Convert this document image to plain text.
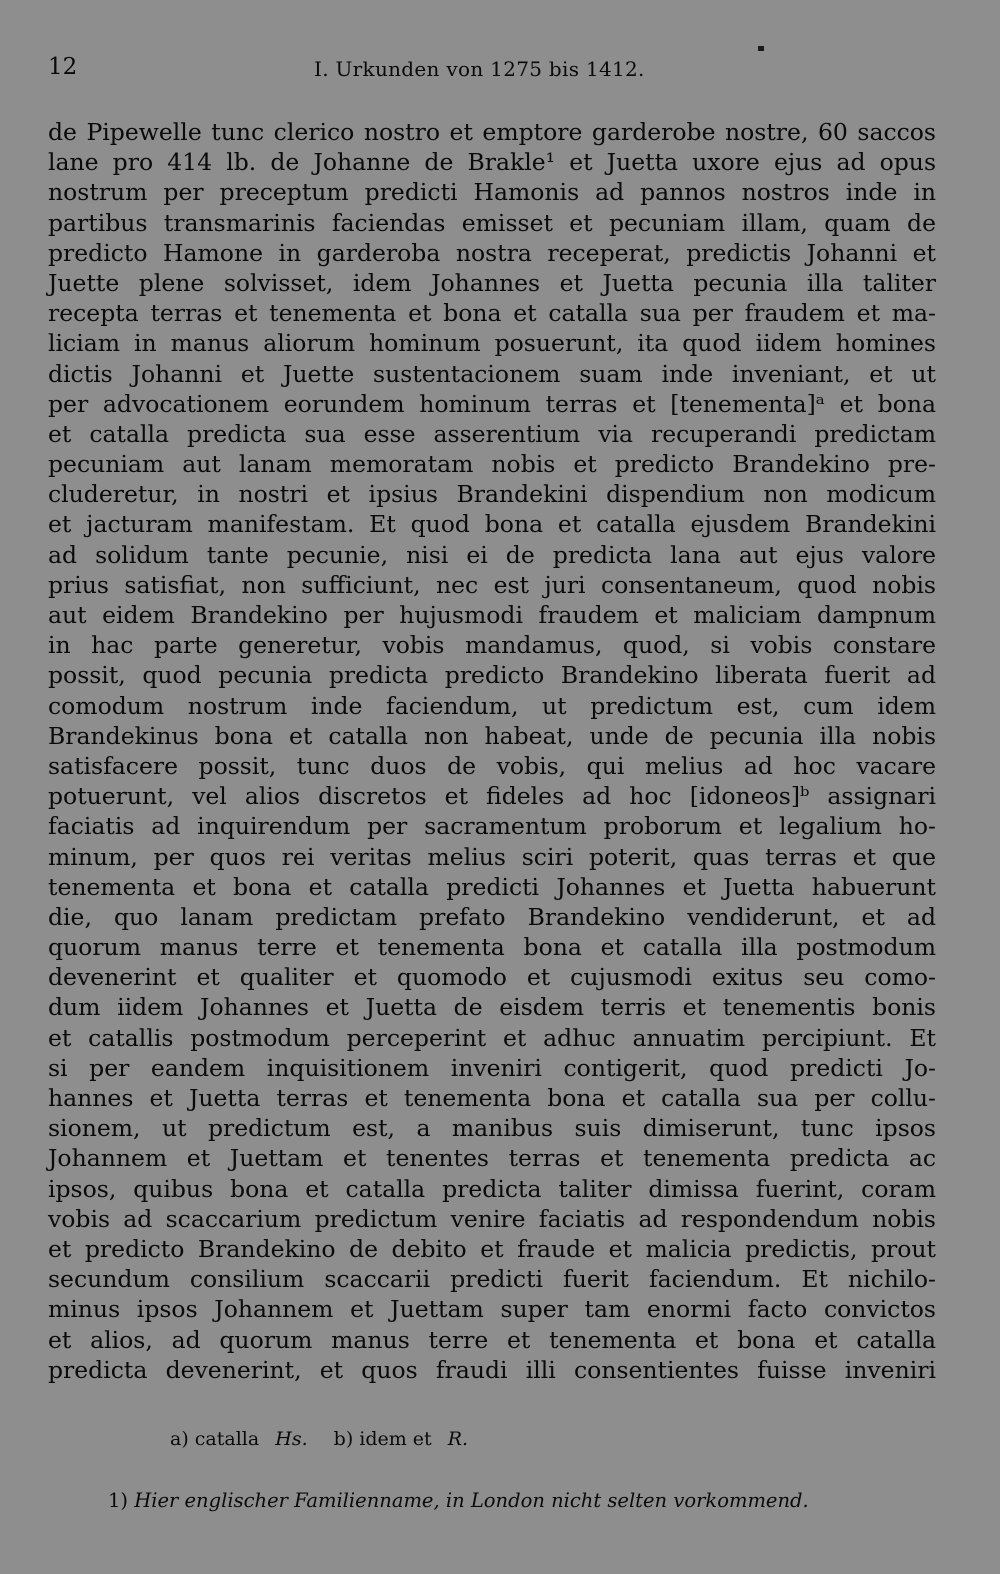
12	I. Urkunden von 1275 bis 1412.
de Pipewelle tunc clerico nostro et emptore garderobe nostre, 60 saccos
lane pro 414 lb. de Johanne de Brakle¹ et Juetta uxore ejus ad opus
nostrum per preceptum predicti Hamonis ad pannos nostros inde in
partibus transmarinis faciendas emisset et pecuniam illam, quam de
predicto Hamone in garderoba nostra receperat, predictis Johanni et
Juette plene solvisset, idem Johannes et Juetta pecunia illa taliter
recepta terras et tenementa et bona et catalla sua per fraudem et ma-
liciam in manus aliorum hominum posuerunt, ita quod iidem homines
dictis Johanni et Juette sustentacionem suam inde inveniant, et ut
per advocationem eorundem hominum terras et [tenementa]ᵃ et bona
et catalla predicta sua esse asserentium via recuperandi predictam
pecuniam aut lanam memoratam nobis et predicto Brandekino pre-
cluderetur, in nostri et ipsius Brandekini dispendium non modicum
et jacturam manifestam. Et quod bona et catalla ejusdem Brandekini
ad solidum tante pecunie, nisi ei de predicta lana aut ejus valore
prius satisfiat, non sufficiunt, nec est juri consentaneum, quod nobis
aut eidem Brandekino per hujusmodi fraudem et maliciam dampnum
in hac parte generetur, vobis mandamus, quod, si vobis constare
possit, quod pecunia predicta predicto Brandekino liberata fuerit ad
comodum nostrum inde faciendum, ut predictum est, cum idem
Brandekinus bona et catalla non habeat, unde de pecunia illa nobis
satisfacere possit, tunc duos de vobis, qui melius ad hoc vacare
potuerunt, vel alios discretos et fideles ad hoc [idoneos]ᵇ assignari
faciatis ad inquirendum per sacramentum proborum et legalium ho-
minum, per quos rei veritas melius sciri poterit, quas terras et que
tenementa et bona et catalla predicti Johannes et Juetta habuerunt
die, quo lanam predictam prefato Brandekino vendiderunt, et ad
quorum manus terre et tenementa bona et catalla illa postmodum
devenerint et qualiter et quomodo et cujusmodi exitus seu como-
dum iidem Johannes et Juetta de eisdem terris et tenementis bonis
et catallis postmodum perceperint et adhuc annuatim percipiunt. Et
si per eandem inquisitionem inveniri contigerit, quod predicti Jo-
hannes et Juetta terras et tenementa bona et catalla sua per collu-
sionem, ut predictum est, a manibus suis dimiserunt, tunc ipsos
Johannem et Juettam et tenentes terras et tenementa predicta ac
ipsos, quibus bona et catalla predicta taliter dimissa fuerint, coram
vobis ad scaccarium predictum venire faciatis ad respondendum nobis
et predicto Brandekino de debito et fraude et malicia predictis, prout
secundum consilium scaccarii predicti fuerit faciendum. Et nichilo-
minus ipsos Johannem et Juettam super tam enormi facto convictos
et alios, ad quorum manus terre et tenementa et bona et catalla
predicta devenerint, et quos fraudi illi consentientes fuisse inveniri
a) catalla Hs. b) idem et R.
1) Hier englischer Familienname, in London nicht selten vorkommend.
